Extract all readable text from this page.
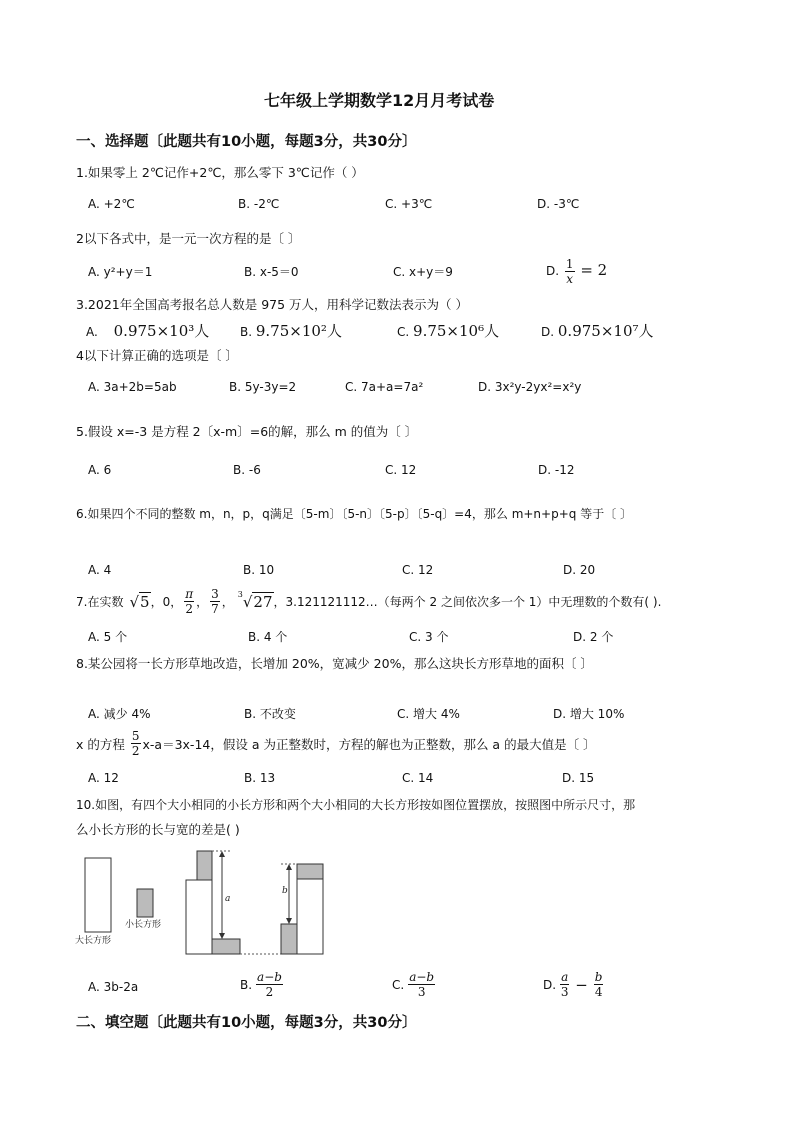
七年级上学期数学12月月考试卷
一、选择题〔此题共有10小题，每题3分，共30分〕
1.如果零上 2℃记作+2℃，那么零下 3℃记作（ ）
A. +2℃	B. -2℃	C. +3℃	D. -3℃
2以下各式中，是一元一次方程的是〔 〕
A. y²+y＝1	B. x-5＝0	C. x+y＝9	D. $\frac{1}{x} = 2$
3.2021年全国高考报名总人数是 975 万人，用科学记数法表示为（ ）
A. 0.975×10³人	B. 9.75×10²人	C. 9.75×10⁶人	D. 0.975×10⁷人
4以下计算正确的选项是〔 〕
A. 3a+2b=5ab	B. 5y-3y=2	C. 7a+a=7a²	D. 3x²y-2yx²=x²y
5.假设 x=-3 是方程 2〔x-m〕=6的解，那么 m 的值为〔 〕
A. 6	B. -6	C. 12	D. -12
6.如果四个不同的整数 m，n，p，q满足〔5-m〕〔5-n〕〔5-p〕〔5-q〕=4，那么 m+n+p+q 等于〔 〕
A. 4	B. 10	C. 12	D. 20
7.在实数 √5 ，0， $\frac{\pi}{2}$ ， $\frac{3}{7}$ ，
$^3$√27 ，3.121121112…（每两个 2 之间依次多一个 1）中无理数的个数有( ).
A. 5 个	B. 4 个	C. 3 个	D. 2 个
8.某公园将一长方形草地改造，长增加 20%，宽减少 20%，那么这块长方形草地的面积〔 〕
A. 减少 4%	B. 不改变	C. 增大 4%	D. 增大 10%
x 的方程 $\frac{5}{2} x-a=3x-14$，假设 a 为正整数时，方程的解也为正整数，那么 a 的最大值是〔 〕
A. 12	B. 13	C. 14	D. 15
10.如图，有四个大小相同的小长方形和两个大小相同的大长方形按如图位置摆放，按照图中所示尺寸，那
么小长方形的长与宽的差是( )
大长方形
小长方形
a
b
A. 3b-2a	B. $\frac{a-b}{2}$	C. $\frac{a-b}{3}$	D. $\frac{a}{3} - \frac{b}{4}$
二、填空题〔此题共有10小题，每题3分，共30分〕
